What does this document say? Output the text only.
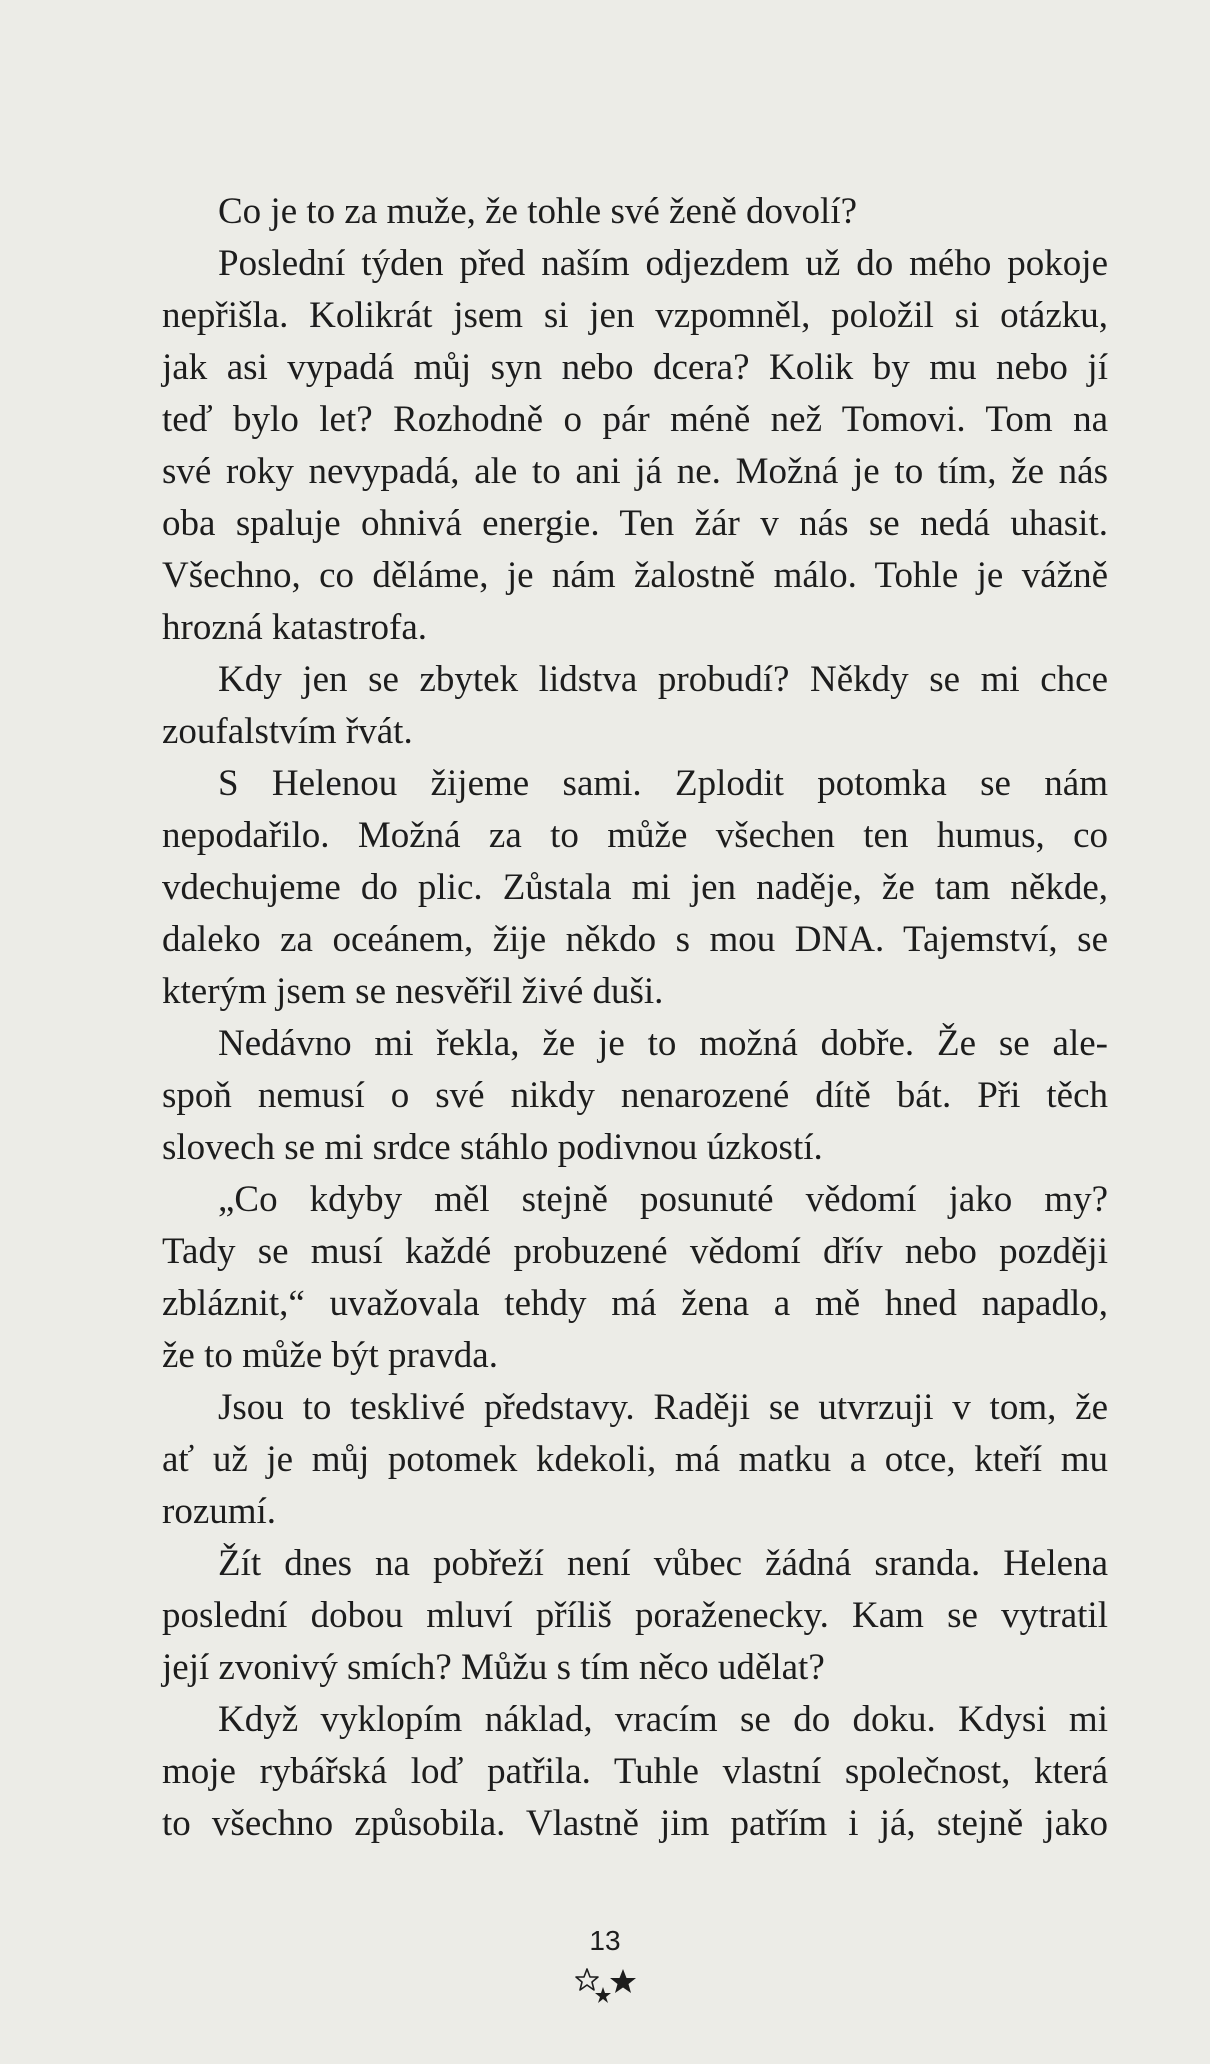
Co je to za muže, že tohle své ženě dovolí?
Poslední týden před naším odjezdem už do mého pokoje
nepřišla. Kolikrát jsem si jen vzpomněl, položil si otázku,
jak asi vypadá můj syn nebo dcera? Kolik by mu nebo jí
teď bylo let? Rozhodně o pár méně než Tomovi. Tom na
své roky nevypadá, ale to ani já ne. Možná je to tím, že nás
oba spaluje ohnivá energie. Ten žár v nás se nedá uhasit.
Všechno, co děláme, je nám žalostně málo. Tohle je vážně
hrozná katastrofa.
Kdy jen se zbytek lidstva probudí? Někdy se mi chce
zoufalstvím řvát.
S Helenou žijeme sami. Zplodit potomka se nám
nepodařilo. Možná za to může všechen ten humus, co
vdechujeme do plic. Zůstala mi jen naděje, že tam někde,
daleko za oceánem, žije někdo s mou DNA. Tajemství, se
kterým jsem se nesvěřil živé duši.
Nedávno mi řekla, že je to možná dobře. Že se ale-
spoň nemusí o své nikdy nenarozené dítě bát. Při těch
slovech se mi srdce stáhlo podivnou úzkostí.
„Co kdyby měl stejně posunuté vědomí jako my?
Tady se musí každé probuzené vědomí dřív nebo později
zbláznit,“ uvažovala tehdy má žena a mě hned napadlo,
že to může být pravda.
Jsou to tesklivé představy. Raději se utvrzuji v tom, že
ať už je můj potomek kdekoli, má matku a otce, kteří mu
rozumí.
Žít dnes na pobřeží není vůbec žádná sranda. Helena
poslední dobou mluví příliš poraženecky. Kam se vytratil
její zvonivý smích? Můžu s tím něco udělat?
Když vyklopím náklad, vracím se do doku. Kdysi mi
moje rybářská loď patřila. Tuhle vlastní společnost, která
to všechno způsobila. Vlastně jim patřím i já, stejně jako
13
